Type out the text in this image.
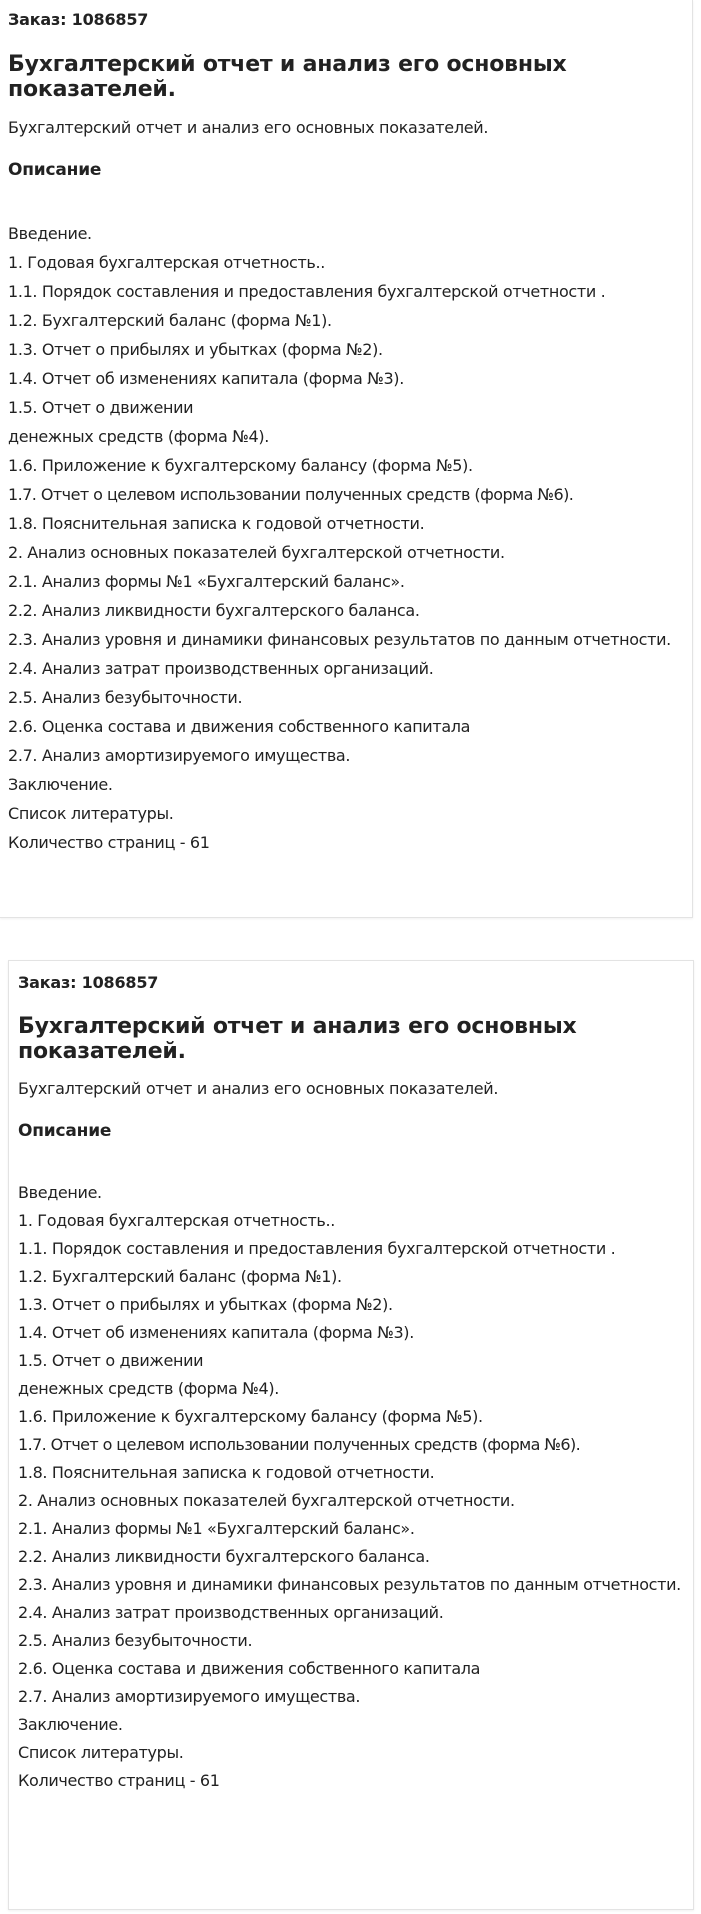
Заказ: 1086857
Бухгалтерский отчет и анализ его основных показателей.
Бухгалтерский отчет и анализ его основных показателей.
Описание
Введение.
1. Годовая бухгалтерская отчетность..
1.1. Порядок составления и предоставления бухгалтерской отчетности .
1.2. Бухгалтерский баланс (форма №1).
1.3. Отчет о прибылях и убытках (форма №2).
1.4. Отчет об изменениях капитала (форма №3).
1.5. Отчет о движении
денежных средств (форма №4).
1.6. Приложение к бухгалтерскому балансу (форма №5).
1.7. Отчет о целевом использовании полученных средств (форма №6).
1.8. Пояснительная записка к годовой отчетности.
2. Анализ основных показателей бухгалтерской отчетности.
2.1. Анализ формы №1 «Бухгалтерский баланс».
2.2. Анализ ликвидности бухгалтерского баланса.
2.3. Анализ уровня и динамики финансовых результатов по данным отчетности.
2.4. Анализ затрат производственных организаций.
2.5. Анализ безубыточности.
2.6. Оценка состава и движения собственного капитала
2.7. Анализ амортизируемого имущества.
Заключение.
Список литературы.
Количество страниц - 61
Заказ: 1086857
Бухгалтерский отчет и анализ его основных показателей.
Бухгалтерский отчет и анализ его основных показателей.
Описание
Введение.
1. Годовая бухгалтерская отчетность..
1.1. Порядок составления и предоставления бухгалтерской отчетности .
1.2. Бухгалтерский баланс (форма №1).
1.3. Отчет о прибылях и убытках (форма №2).
1.4. Отчет об изменениях капитала (форма №3).
1.5. Отчет о движении
денежных средств (форма №4).
1.6. Приложение к бухгалтерскому балансу (форма №5).
1.7. Отчет о целевом использовании полученных средств (форма №6).
1.8. Пояснительная записка к годовой отчетности.
2. Анализ основных показателей бухгалтерской отчетности.
2.1. Анализ формы №1 «Бухгалтерский баланс».
2.2. Анализ ликвидности бухгалтерского баланса.
2.3. Анализ уровня и динамики финансовых результатов по данным отчетности.
2.4. Анализ затрат производственных организаций.
2.5. Анализ безубыточности.
2.6. Оценка состава и движения собственного капитала
2.7. Анализ амортизируемого имущества.
Заключение.
Список литературы.
Количество страниц - 61
